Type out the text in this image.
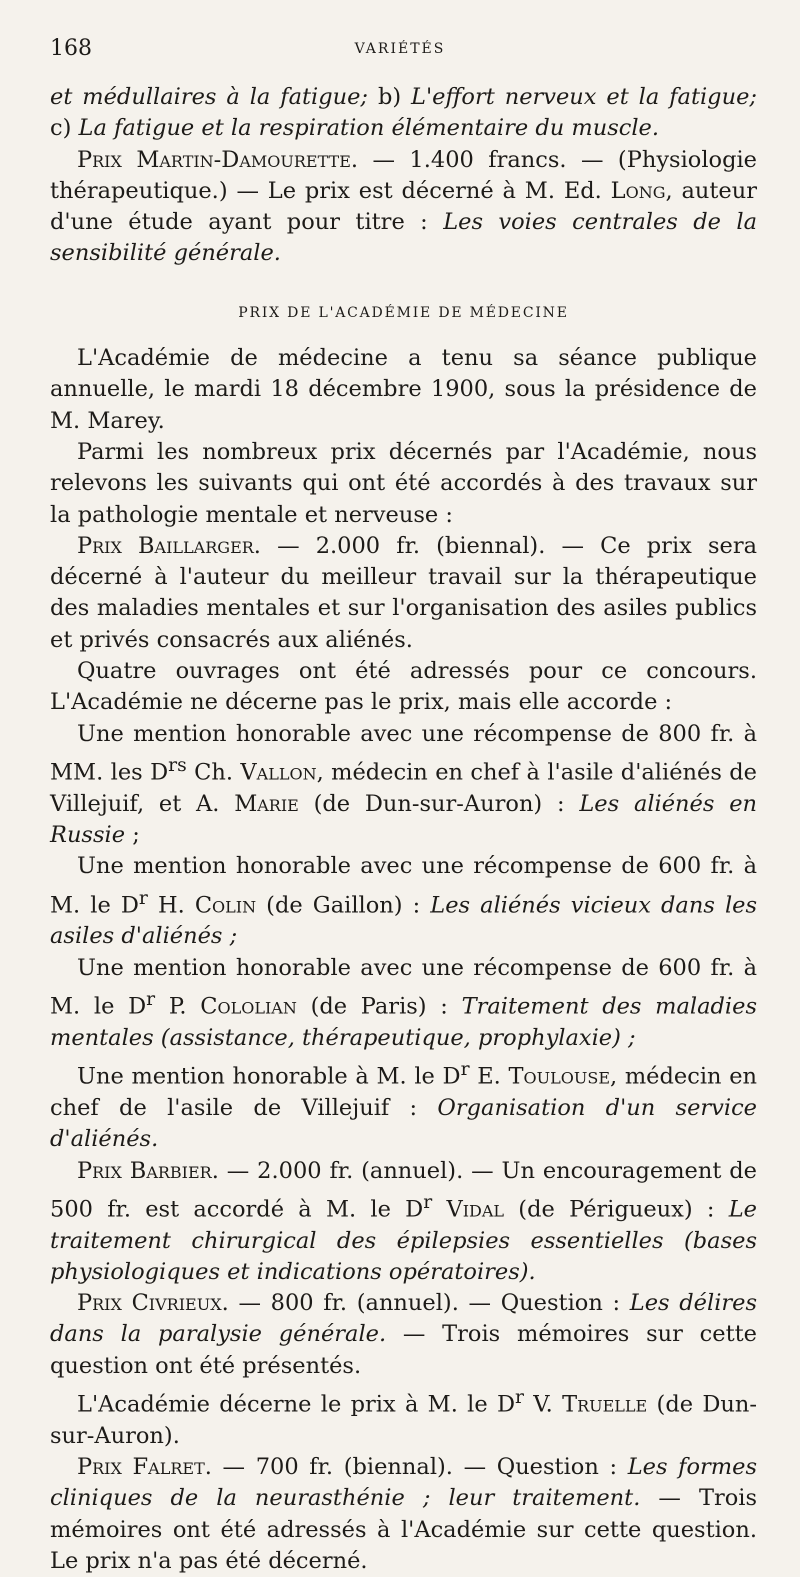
168	VARIÉTÉS

et médullaires à la fatigue; b) L'effort nerveux et la fatigue; c) La fatigue et la respiration élémentaire du muscle.

Prix Martin-Damourette. — 1.400 francs. — (Physiologie thérapeutique.) — Le prix est décerné à M. Ed. Long, auteur d'une étude ayant pour titre : Les voies centrales de la sensibilité générale.

PRIX DE L'ACADÉMIE DE MÉDECINE

L'Académie de médecine a tenu sa séance publique annuelle, le mardi 18 décembre 1900, sous la présidence de M. Marey.

Parmi les nombreux prix décernés par l'Académie, nous relevons les suivants qui ont été accordés à des travaux sur la pathologie mentale et nerveuse :

Prix Baillarger. — 2.000 fr. (biennal). — Ce prix sera décerné à l'auteur du meilleur travail sur la thérapeutique des maladies mentales et sur l'organisation des asiles publics et privés consacrés aux aliénés.

Quatre ouvrages ont été adressés pour ce concours. L'Académie ne décerne pas le prix, mais elle accorde :

Une mention honorable avec une récompense de 800 fr. à MM. les $D^{rs}$ Ch. Vallon, médecin en chef à l'asile d'aliénés de Villejuif, et A. Marie (de Dun-sur-Auron) : Les aliénés en Russie ;

Une mention honorable avec une récompense de 600 fr. à M. le $D^r$ H. Colin (de Gaillon) : Les aliénés vicieux dans les asiles d'aliénés ;

Une mention honorable avec une récompense de 600 fr. à M. le $D^r$ P. Cololian (de Paris) : Traitement des maladies mentales (assistance, thérapeutique, prophylaxie) ;

Une mention honorable à M. le $D^r$ E. Toulouse, médecin en chef de l'asile de Villejuif : Organisation d'un service d'aliénés.

Prix Barbier. — 2.000 fr. (annuel). — Un encouragement de 500 fr. est accordé à M. le $D^r$ Vidal (de Périgueux) : Le traitement chirurgical des épilepsies essentielles (bases physiologiques et indications opératoires).

Prix Civrieux. — 800 fr. (annuel). — Question : Les délires dans la paralysie générale. — Trois mémoires sur cette question ont été présentés.

L'Académie décerne le prix à M. le $D^r$ V. Truelle (de Dun-sur-Auron).

Prix Falret. — 700 fr. (biennal). — Question : Les formes cliniques de la neurasthénie ; leur traitement. — Trois mémoires ont été adressés à l'Académie sur cette question. Le prix n'a pas été décerné.
